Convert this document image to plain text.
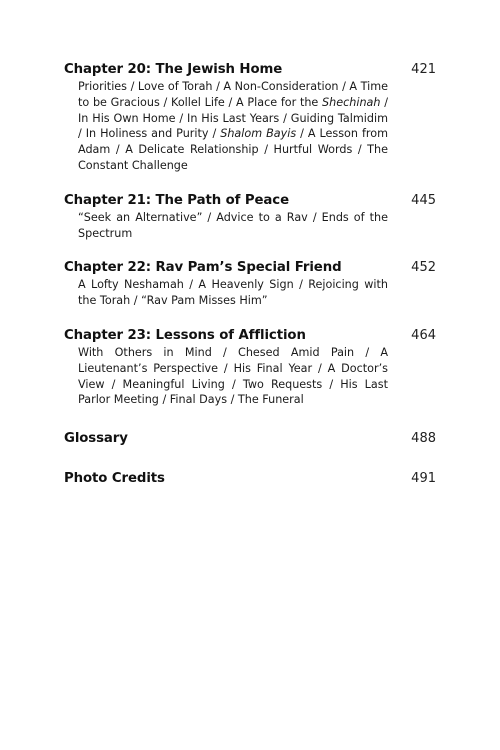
Chapter 20: The Jewish Home	421

Priorities / Love of Torah / A Non-Consideration / A Time to be Gracious / Kollel Life / A Place for the Shechinah / In His Own Home / In His Last Years / Guiding Talmidim / In Holiness and Purity / Shalom Bayis / A Lesson from Adam / A Delicate Relationship / Hurtful Words / The Constant Challenge

Chapter 21: The Path of Peace	445

“Seek an Alternative” / Advice to a Rav / Ends of the Spectrum

Chapter 22: Rav Pam’s Special Friend	452

A Lofty Neshamah / A Heavenly Sign / Rejoicing with the Torah / “Rav Pam Misses Him”

Chapter 23: Lessons of Affliction	464

With Others in Mind / Chesed Amid Pain / A Lieutenant’s Perspective / His Final Year / A Doctor’s View / Meaningful Living / Two Requests / His Last Parlor Meeting / Final Days / The Funeral

Glossary	488

Photo Credits	491
